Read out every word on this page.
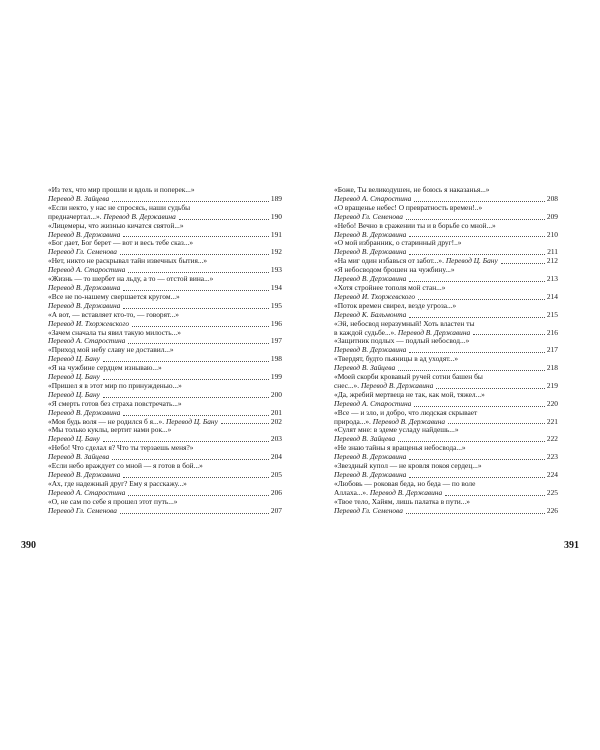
«Из тех, что мир прошли и вдоль и поперек...»
Перевод В. Зайцева	189
«Если некто, у нас не спросясь, наши судьбы
предначертал...». Перевод В. Державина	190
«Лицемеры, что жизнью кичатся святой...»
Перевод В. Державина	191
«Бог дает, Бог берет — вот и весь тебе сказ...»
Перевод Гл. Семенова	192
«Нет, никто не раскрывал тайн извечных бытия...»
Перевод А. Старостина	193
«Жизнь — то шербет на льду, а то — отстой вина...»
Перевод В. Державина	194
«Все не по-нашему свершается кругом...»
Перевод В. Державина	195
«А вот, — вставляет кто-то, — говорят...»
Перевод И. Тхоржевского	196
«Зачем сначала ты явил такую милость...»
Перевод А. Старостина	197
«Приход мой небу славу не доставил...»
Перевод Ц. Бану	198
«Я на чужбине сердцем изнываю...»
Перевод Ц. Бану	199
«Пришел я в этот мир по принужденью...»
Перевод Ц. Бану	200
«Я смерть готов без страха повстречать...»
Перевод В. Державина	201
«Моя будь воля — не родился б я...». Перевод Ц. Бану	202
«Мы только куклы, вертит нами рок...»
Перевод Ц. Бану	203
«Небо! Что сделал я? Что ты терзаешь меня?»
Перевод В. Зайцева	204
«Если небо враждует со мной — я готов в бой...»
Перевод В. Державина	205
«Ах, где надежный друг? Ему я расскажу...»
Перевод А. Старостина	206
«О, не сам по себе я прошел этот путь...»
Перевод Гл. Семенова	207
«Боже, Ты великодушен, не боюсь я наказанья...»
Перевод А. Старостина	208
«О вращенье небес! О превратность времен!..»
Перевод Гл. Семенова	209
«Небо! Вечно в сражении ты и в борьбе со мной...»
Перевод В. Державина	210
«О мой избранник, о старинный друг!..»
Перевод В. Державина	211
«На миг один избавься от забот...». Перевод Ц. Бану	212
«Я небосводом брошен на чужбину...»
Перевод В. Державина	213
«Хотя стройнее тополя мой стан...»
Перевод И. Тхоржевского	214
«Поток времен свирел, везде угроза...»
Перевод К. Бальмонта	215
«Эй, небосвод неразумный! Хоть властен ты
в каждой судьбе...». Перевод В. Державина	216
«Защитник подлых — подлый небосвод...»
Перевод В. Державина	217
«Твердят, будто пьяницы в ад уходят...»
Перевод В. Зайцева	218
«Моей скорби кровавый ручей сотни башен бы
снес...». Перевод В. Державина	219
«Да, жребий мертвеца не так, как мой, тяжел...»
Перевод А. Старостина	220
«Все — и зло, и добро, что людская скрывает
природа...». Перевод В. Державина	221
«Сулят мне: в эдеме усладу найдешь...»
Перевод В. Зайцева	222
«Не знаю тайны я вращенья небосвода...»
Перевод В. Державина	223
«Звездный купол — не кровля покоя сердец...»
Перевод В. Державина	224
«Любовь — роковая беда, но беда — по воле
Аллаха...». Перевод В. Державина	225
«Твое тело, Хайям, лишь палатка в пути...»
Перевод Гл. Семенова	226
390	391
